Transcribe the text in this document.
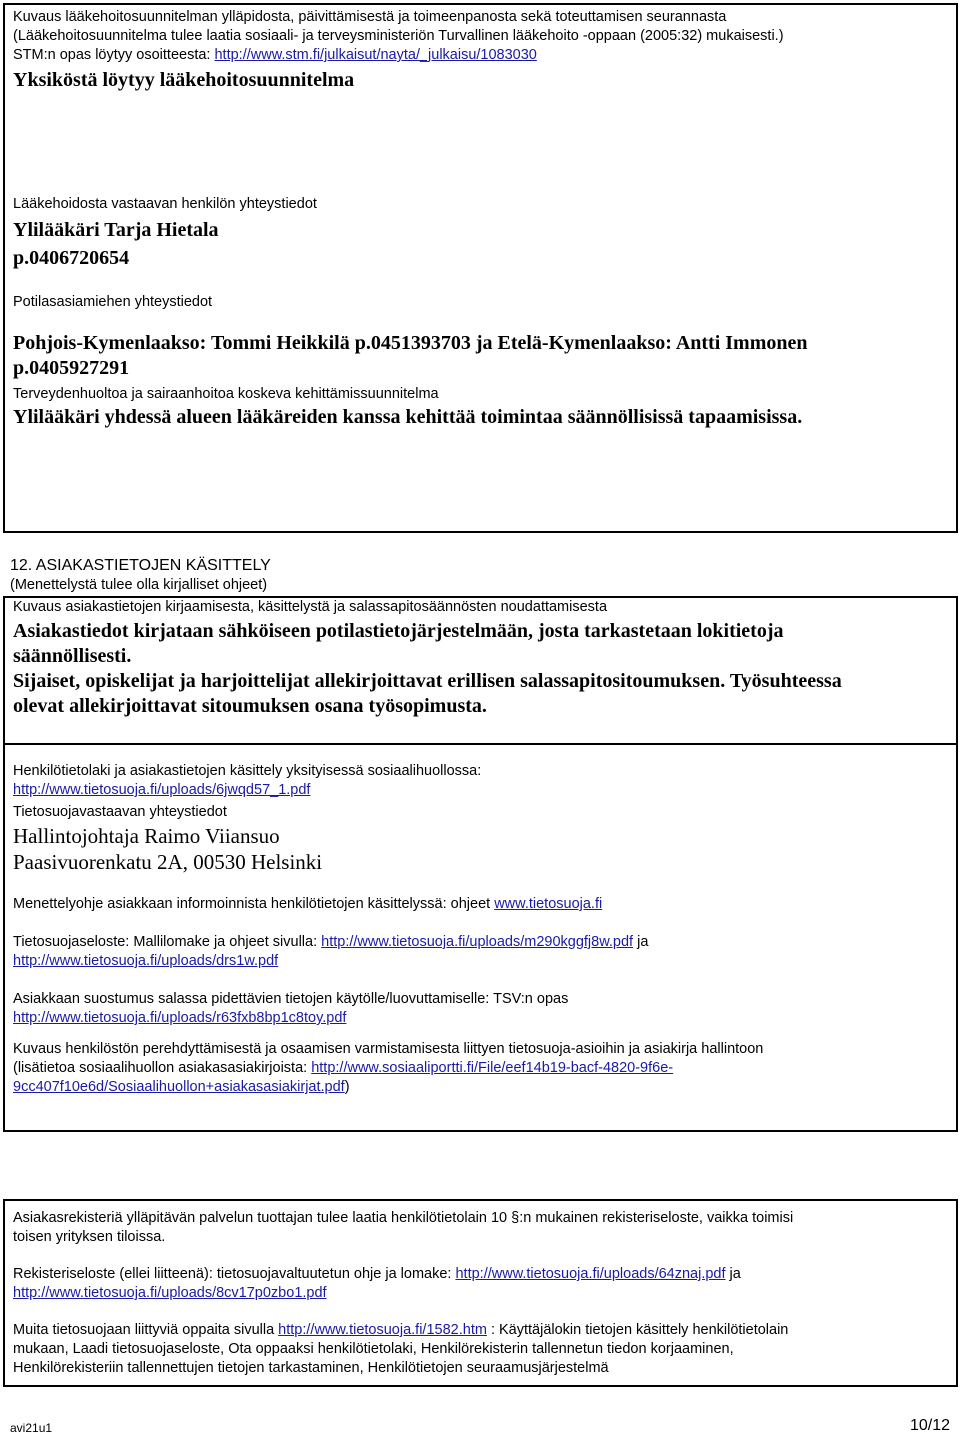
Kuvaus lääkehoitosuunnitelman ylläpidosta, päivittämisestä ja toimeenpanosta sekä toteuttamisen seurannasta

(Lääkehoitosuunnitelma tulee laatia sosiaali- ja terveysministeriön Turvallinen lääkehoito -oppaan (2005:32) mukaisesti.)

STM:n opas löytyy osoitteesta: http://www.stm.fi/julkaisut/nayta/_julkaisu/1083030

Yksiköstä löytyy lääkehoitosuunnitelma

Lääkehoidosta vastaavan henkilön yhteystiedot

Ylilääkäri Tarja Hietala

p.0406720654

Potilasasiamiehen yhteystiedot

Pohjois-Kymenlaakso: Tommi Heikkilä p.0451393703 ja Etelä-Kymenlaakso: Antti Immonen

p.0405927291

Terveydenhuoltoa ja sairaanhoitoa koskeva kehittämissuunnitelma

Ylilääkäri yhdessä alueen lääkäreiden kanssa kehittää toimintaa säännöllisissä tapaamisissa.

12. ASIAKASTIETOJEN KÄSITTELY

(Menettelystä tulee olla kirjalliset ohjeet)

Kuvaus asiakastietojen kirjaamisesta, käsittelystä ja salassapitosäännösten noudattamisesta

Asiakastiedot kirjataan sähköiseen potilastietojärjestelmään, josta tarkastetaan lokitietoja

säännöllisesti.

Sijaiset, opiskelijat ja harjoittelijat allekirjoittavat erillisen salassapitositoumuksen. Työsuhteessa

olevat allekirjoittavat sitoumuksen osana työsopimusta.

Henkilötietolaki ja asiakastietojen käsittely yksityisessä sosiaalihuollossa:

http://www.tietosuoja.fi/uploads/6jwqd57_1.pdf

Tietosuojavastaavan yhteystiedot

Hallintojohtaja Raimo Viiansuo

Paasivuorenkatu 2A, 00530 Helsinki

Menettelyohje asiakkaan informoinnista henkilötietojen käsittelyssä: ohjeet www.tietosuoja.fi

Tietosuojaseloste: Mallilomake ja ohjeet sivulla: http://www.tietosuoja.fi/uploads/m290kggfj8w.pdf ja

http://www.tietosuoja.fi/uploads/drs1w.pdf

Asiakkaan suostumus salassa pidettävien tietojen käytölle/luovuttamiselle: TSV:n opas

http://www.tietosuoja.fi/uploads/r63fxb8bp1c8toy.pdf

Kuvaus henkilöstön perehdyttämisestä ja osaamisen varmistamisesta liittyen tietosuoja-asioihin ja asiakirja hallintoon

(lisätietoa sosiaalihuollon asiakasasiakirjoista: http://www.sosiaaliportti.fi/File/eef14b19-bacf-4820-9f6e-

9cc407f10e6d/Sosiaalihuollon+asiakasasiakirjat.pdf)

Asiakasrekisteriä ylläpitävän palvelun tuottajan tulee laatia henkilötietolain 10 §:n mukainen rekisteriseloste, vaikka toimisi

toisen yrityksen tiloissa.

Rekisteriseloste (ellei liitteenä): tietosuojavaltuutetun ohje ja lomake: http://www.tietosuoja.fi/uploads/64znaj.pdf ja

http://www.tietosuoja.fi/uploads/8cv17p0zbo1.pdf

Muita tietosuojaan liittyviä oppaita sivulla http://www.tietosuoja.fi/1582.htm : Käyttäjälokin tietojen käsittely henkilötietolain

mukaan, Laadi tietosuojaseloste, Ota oppaaksi henkilötietolaki, Henkilörekisterin tallennetun tiedon korjaaminen,

Henkilörekisteriin tallennettujen tietojen tarkastaminen, Henkilötietojen seuraamusjärjestelmä

avi21u1	10/12
